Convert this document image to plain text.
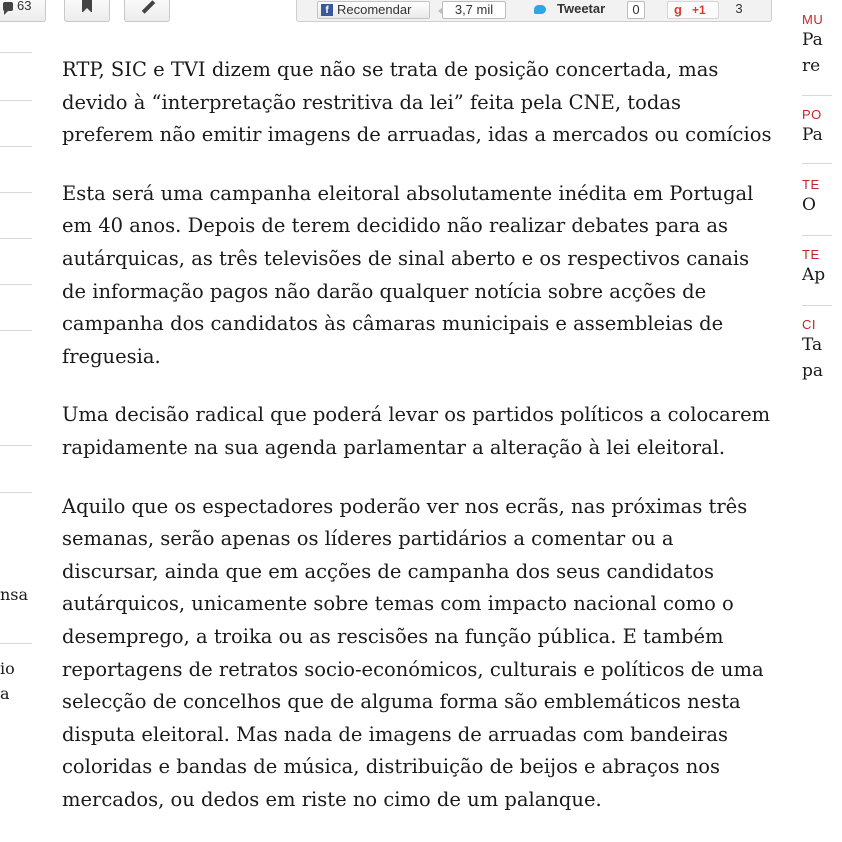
63	f Recomendar	3,7 mil	Tweetar	0	g +1	3
nsa
io
a

RTP, SIC e TVI dizem que não se trata de posição concertada, mas devido à “interpretação restritiva da lei” feita pela CNE, todas preferem não emitir imagens de arruadas, idas a mercados ou comícios

Esta será uma campanha eleitoral absolutamente inédita em Portugal em 40 anos. Depois de terem decidido não realizar debates para as autárquicas, as três televisões de sinal aberto e os respectivos canais de informação pagos não darão qualquer notícia sobre acções de campanha dos candidatos às câmaras municipais e assembleias de freguesia.

Uma decisão radical que poderá levar os partidos políticos a colocarem rapidamente na sua agenda parlamentar a alteração à lei eleitoral.

Aquilo que os espectadores poderão ver nos ecrãs, nas próximas três semanas, serão apenas os líderes partidários a comentar ou a discursar, ainda que em acções de campanha dos seus candidatos autárquicos, unicamente sobre temas com impacto nacional como o desemprego, a troika ou as rescisões na função pública. E também reportagens de retratos socio-económicos, culturais e políticos de uma selecção de concelhos que de alguma forma são emblemáticos nesta disputa eleitoral. Mas nada de imagens de arruadas com bandeiras coloridas e bandas de música, distribuição de beijos e abraços nos mercados, ou dedos em riste no cimo de um palanque.

MU
Pa
re
PO
Pa
TE
O
TE
Ap
CI
Ta
pa
